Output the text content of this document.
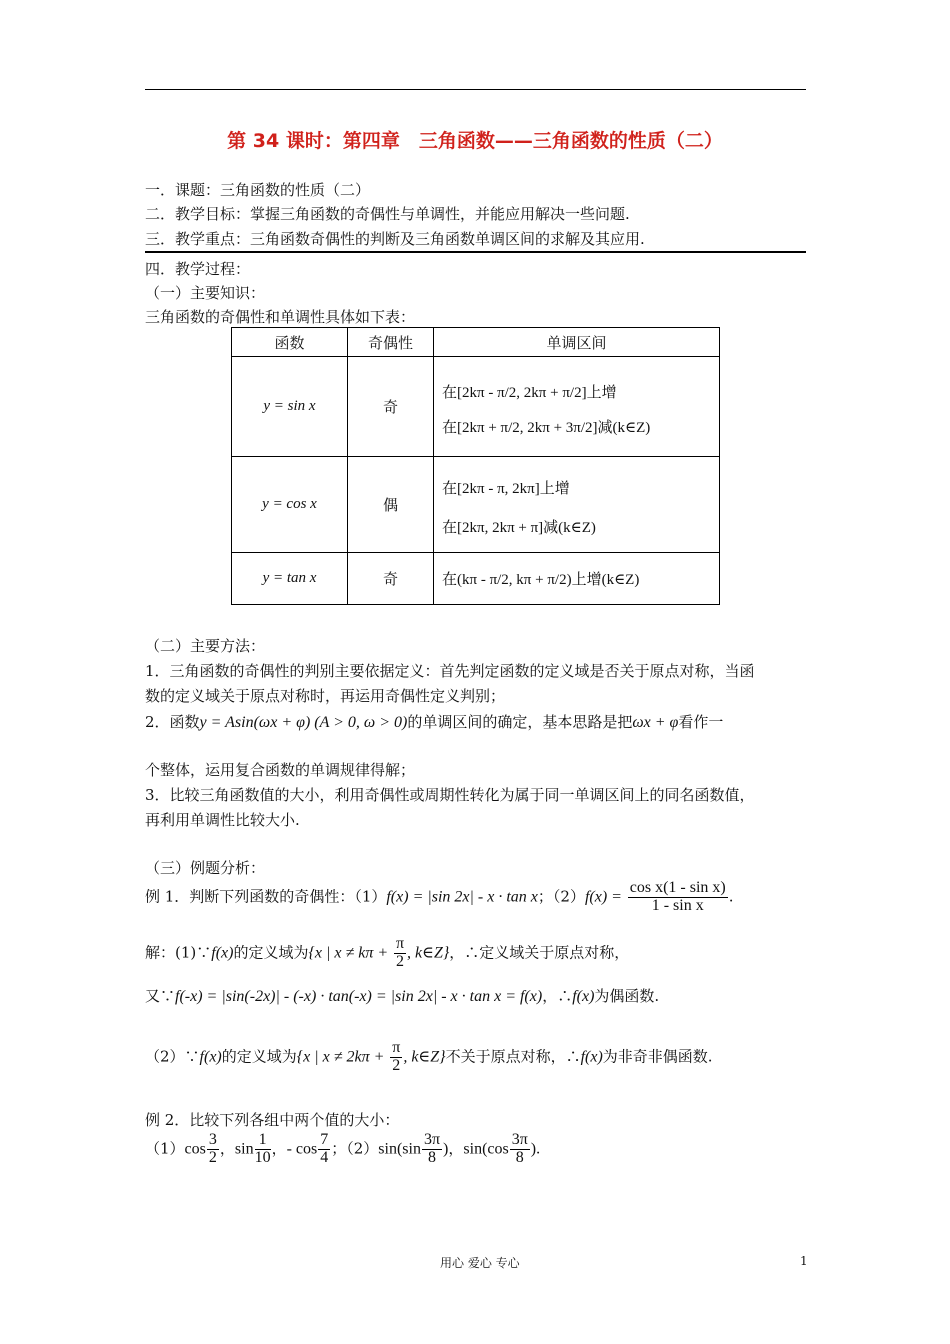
第 34 课时：第四章　三角函数——三角函数的性质（二）
一．课题：三角函数的性质（二）
二．教学目标：掌握三角函数的奇偶性与单调性，并能应用解决一些问题.
三．教学重点：三角函数奇偶性的判断及三角函数单调区间的求解及其应用.
四．教学过程：
（一）主要知识：
三角函数的奇偶性和单调性具体如下表：
函数	奇偶性	单调区间
y = sin x	奇	在[2kπ - π/2, 2kπ + π/2]上增
在[2kπ + π/2, 2kπ + 3π/2]减(k∈Z)

y = cos x	偶	在[2kπ - π, 2kπ]上增
在[2kπ, 2kπ + π]减(k∈Z)

y = tan x	奇	在(kπ - π/2, kπ + π/2)上增(k∈Z)
（二）主要方法：
1．三角函数的奇偶性的判别主要依据定义：首先判定函数的定义域是否关于原点对称，当函
数的定义域关于原点对称时，再运用奇偶性定义判别；
2．函数y = Asin(ωx + φ) (A > 0, ω > 0)的单调区间的确定，基本思路是把ωx + φ看作一
个整体，运用复合函数的单调规律得解；
3．比较三角函数值的大小，利用奇偶性或周期性转化为属于同一单调区间上的同名函数值，
再利用单调性比较大小.
（三）例题分析：
例 1．判断下列函数的奇偶性：（1）f(x) = |sin 2x| - x · tan x；$(2)f(x) = \frac{\text{cos x(1 - sin x)}}{\text{1 - sin x}}$ .
解：(1)∵f(x)的定义域为{x | $x \ne k\pi + \frac{\pi}{2}$ , k∈Z}，∴定义域关于原点对称，
又∵f(-x) = |sin(-2x)| - (-x) · tan(-x) = |sin 2x| - x · tan x = f(x)，∴f(x)为偶函数.
（2）∵f(x)的定义域为{x | $x \ne 2k\pi + \frac{\pi}{2}$ , k∈Z}不关于原点对称，∴f(x)为非奇非偶函数.
例 2．比较下列各组中两个值的大小：
$(1)\cos \frac{3}{2}$ ，$\sin \frac{1}{10}$ ，- $\cos \frac{7}{4}$ ；$(2)\sin(\sin \frac{3\pi}{8}$ )，$\sin(\cos \frac{3\pi}{8}$ ).
用心 爱心 专心	1
